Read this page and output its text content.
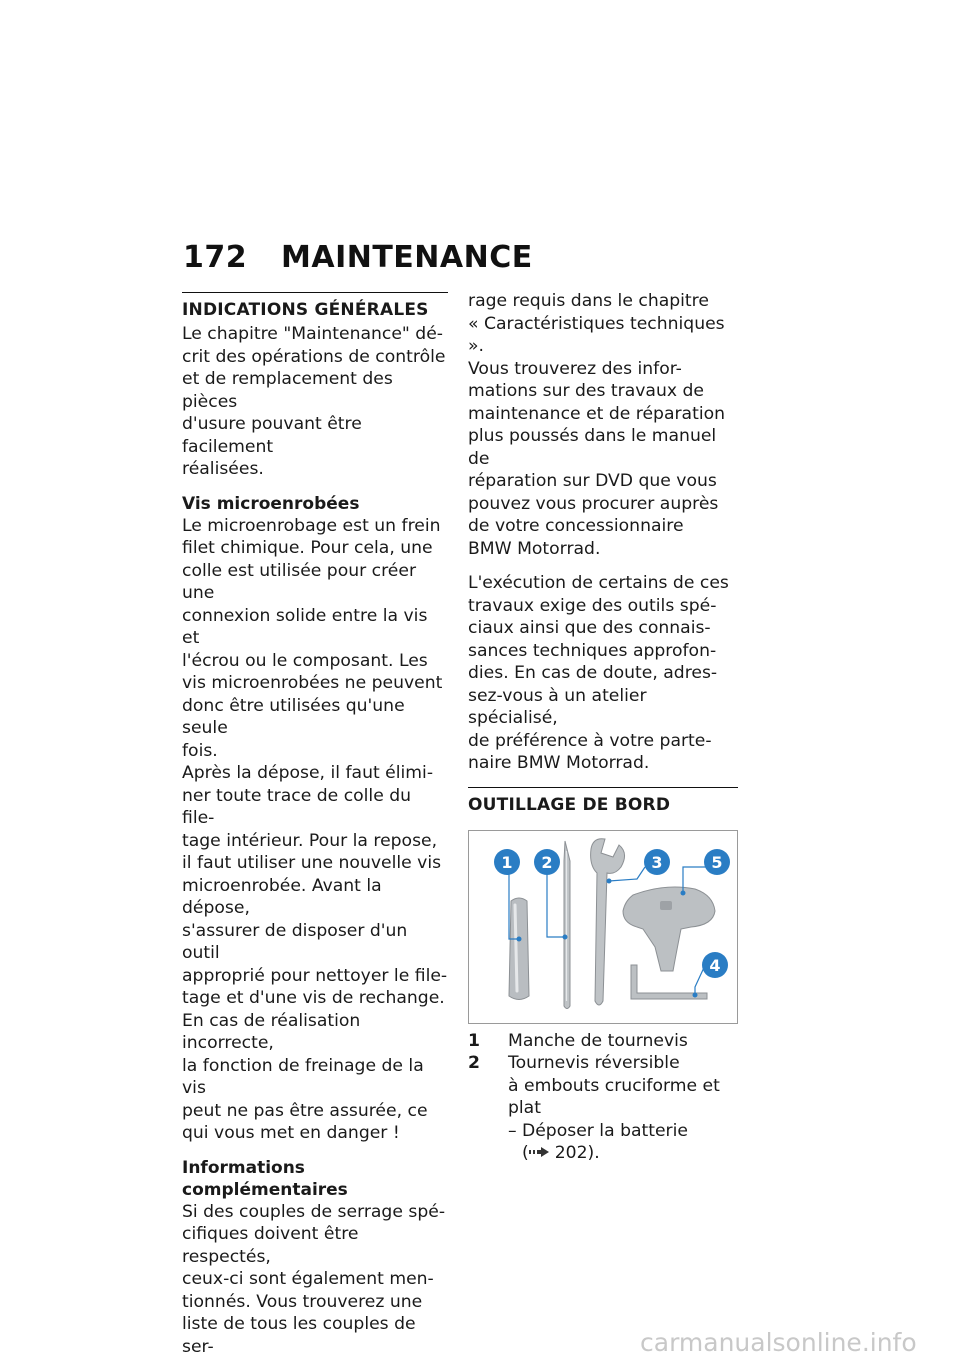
172 MAINTENANCE
INDICATIONS GÉNÉRALES

Le chapitre "Maintenance" dé-
crit des opérations de contrôle
et de remplacement des pièces
d'usure pouvant être facilement
réalisées.

Vis microenrobées

Le microenrobage est un frein
filet chimique. Pour cela, une
colle est utilisée pour créer une
connexion solide entre la vis et
l'écrou ou le composant. Les
vis microenrobées ne peuvent
donc être utilisées qu'une seule
fois.

Après la dépose, il faut élimi-
ner toute trace de colle du file-
tage intérieur. Pour la repose,
il faut utiliser une nouvelle vis
microenrobée. Avant la dépose,
s'assurer de disposer d'un outil
approprié pour nettoyer le file-
tage et d'une vis de rechange.
En cas de réalisation incorrecte,
la fonction de freinage de la vis
peut ne pas être assurée, ce
qui vous met en danger !

Informations complémentaires

Si des couples de serrage spé-
cifiques doivent être respectés,
ceux-ci sont également men-
tionnés. Vous trouverez une
liste de tous les couples de ser-

rage requis dans le chapitre
« Caractéristiques techniques ».
Vous trouverez des infor-
mations sur des travaux de
maintenance et de réparation
plus poussés dans le manuel de
réparation sur DVD que vous
pouvez vous procurer auprès
de votre concessionnaire
BMW Motorrad.

L'exécution de certains de ces
travaux exige des outils spé-
ciaux ainsi que des connais-
sances techniques approfon-
dies. En cas de doute, adres-
sez-vous à un atelier spécialisé,
de préférence à votre parte-
naire BMW Motorrad.

OUTILLAGE DE BORD
1 2	3	5
4
1	Manche de tournevis
2	Tournevis réversible
à embouts cruciforme et
plat
– Déposer la batterie
( 202).
carmanualsonline.info
